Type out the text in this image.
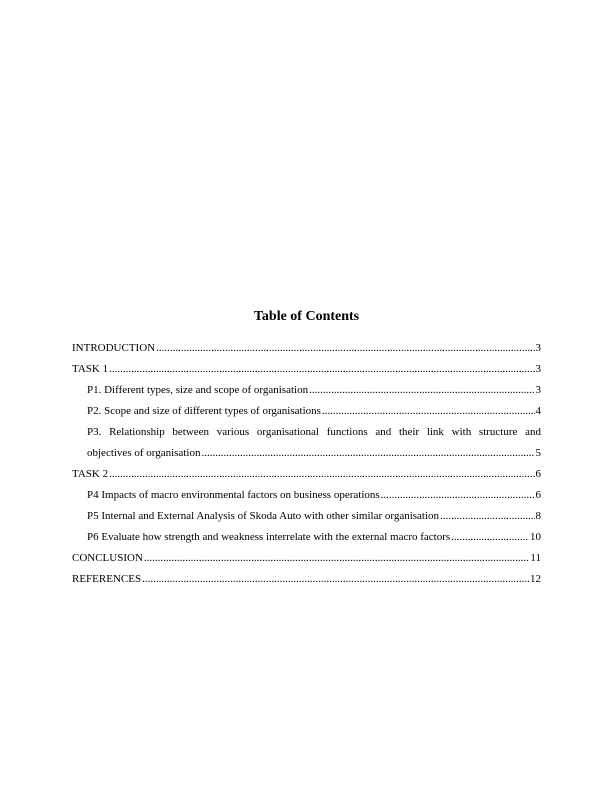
Table of Contents
INTRODUCTION .....	3
TASK 1 .....	3
P1. Different types, size and scope of organisation .....	3
P2. Scope and size of different types of organisations .....	4
P3. Relationship between various organisational functions and their link with structure and
objectives of organisation .....	5
TASK 2 .....	6
P4 Impacts of macro environmental factors on business operations .....	6
P5 Internal and External Analysis of Skoda Auto with other similar organisation .....	8
P6 Evaluate how strength and weakness interrelate with the external macro factors .....	10
CONCLUSION .....	11
REFERENCES .....	12
